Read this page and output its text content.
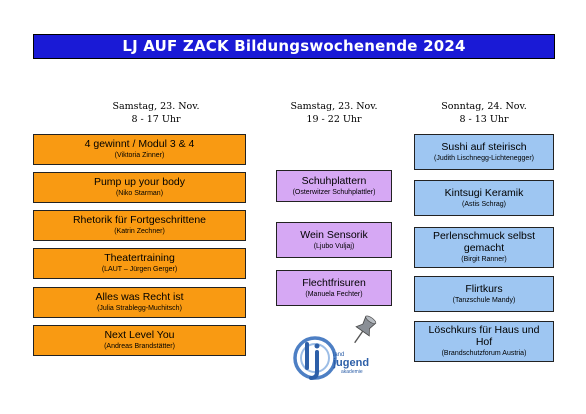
LJ AUF ZACK Bildungswochenende 2024
Samstag, 23. Nov.
8 - 17 Uhr
Samstag, 23. Nov.
19 - 22 Uhr
Sonntag, 24. Nov.
8 - 13 Uhr
4 gewinnt / Modul 3 & 4
(Viktoria Zinner)
Pump up your body
(Niko Starman)
Rhetorik für Fortgeschrittene
(Katrin Zechner)
Theatertraining
(LAUT – Jürgen Gerger)
Alles was Recht ist
(Julia Strablegg-Muchitsch)
Next Level You
(Andreas Brandstätter)
Schuhplattern
(Osterwitzer Schuhplattler)
Wein Sensorik
(Ljubo Vuljaj)
Flechtfrisuren
(Manuela Fechter)
Sushi auf steirisch
(Judith Lischnegg-Lichtenegger)
Kintsugi Keramik
(Astis Schrag)
Perlenschmuck selbst gemacht
(Birgit Ranner)
Flirtkurs
(Tanzschule Mandy)
Löschkurs für Haus und Hof
(Brandschutzforum Austria)
land
jugend
akademie
